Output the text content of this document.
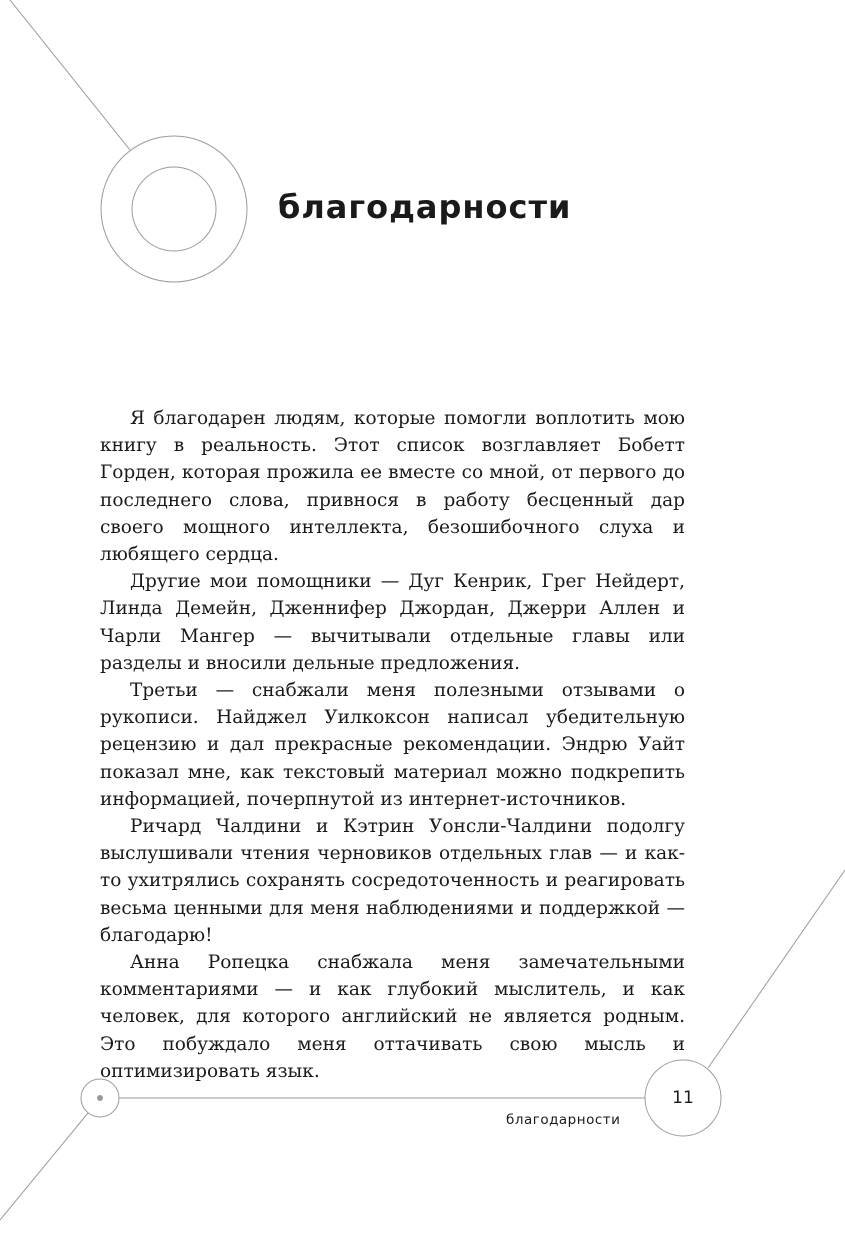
благодарности

Я благодарен людям, которые помогли воплотить мою книгу в реальность. Этот список возглавляет Бобетт Горден, которая прожила ее вместе со мной, от первого до последнего слова, привнося в работу бесценный дар своего мощного интеллекта, безошибочного слуха и любящего сердца.

Другие мои помощники — Дуг Кенрик, Грег Нейдерт, Линда Демейн, Дженнифер Джордан, Джерри Аллен и Чарли Мангер — вычитывали отдельные главы или разделы и вносили дельные предложения.

Третьи — снабжали меня полезными отзывами о рукописи. Найджел Уилкоксон написал убедительную рецензию и дал прекрасные рекомендации. Эндрю Уайт показал мне, как текстовый материал можно подкрепить информацией, почерпнутой из интернет-источников.

Ричард Чалдини и Кэтрин Уонсли-Чалдини подолгу выслушивали чтения черновиков отдельных глав — и как-то ухитрялись сохранять сосредоточенность и реагировать весьма ценными для меня наблюдениями и поддержкой — благодарю!

Анна Ропецка снабжала меня замечательными комментариями — и как глубокий мыслитель, и как человек, для которого английский не является родным. Это побуждало меня оттачивать свою мысль и оптимизировать язык.

11
благодарности
